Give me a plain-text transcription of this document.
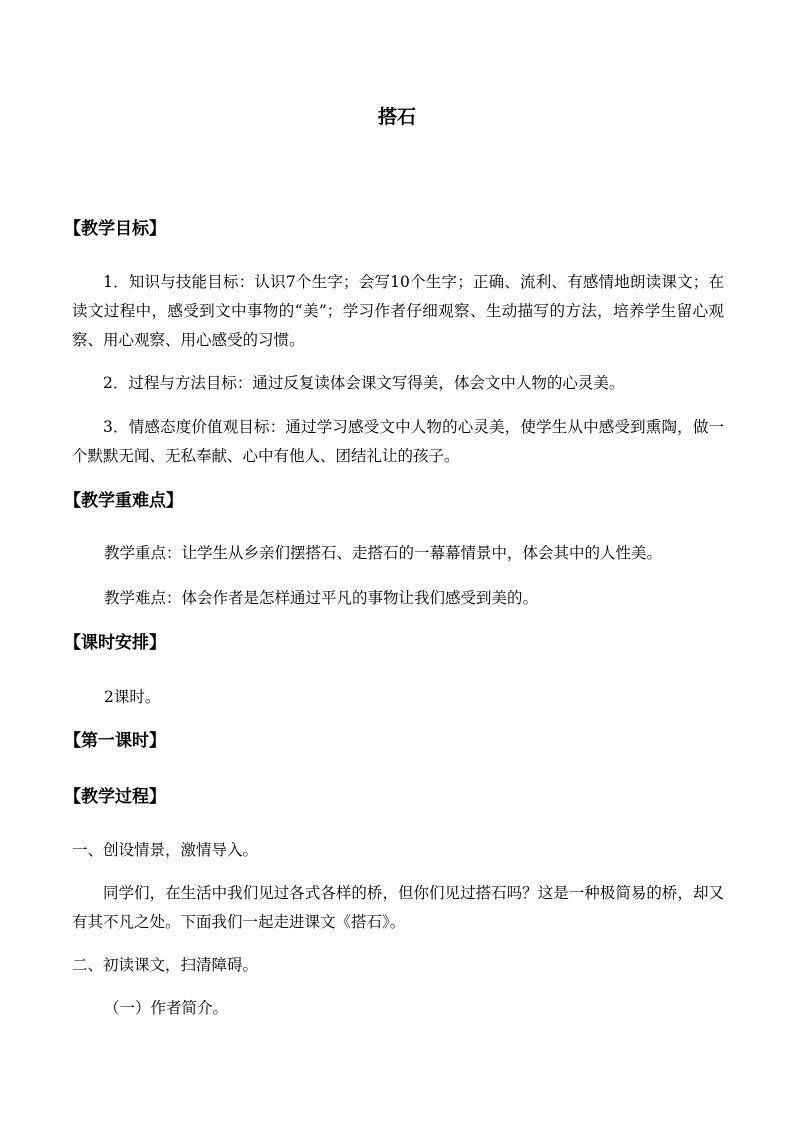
搭石
【教学目标】
1．知识与技能目标：认识7个生字；会写10个生字；正确、流利、有感情地朗读课文；在读文过程中，感受到文中事物的“美”；学习作者仔细观察、生动描写的方法，培养学生留心观察、用心观察、用心感受的习惯。
2．过程与方法目标：通过反复读体会课文写得美，体会文中人物的心灵美。
3．情感态度价值观目标：通过学习感受文中人物的心灵美，使学生从中感受到熏陶，做一个默默无闻、无私奉献、心中有他人、团结礼让的孩子。
【教学重难点】
教学重点：让学生从乡亲们摆搭石、走搭石的一幕幕情景中，体会其中的人性美。
教学难点：体会作者是怎样通过平凡的事物让我们感受到美的。
【课时安排】
2课时。
【第一课时】
【教学过程】
一、创设情景，激情导入。
同学们，在生活中我们见过各式各样的桥，但你们见过搭石吗？这是一种极简易的桥，却又有其不凡之处。下面我们一起走进课文《搭石》。
二、初读课文，扫清障碍。
（一）作者简介。
